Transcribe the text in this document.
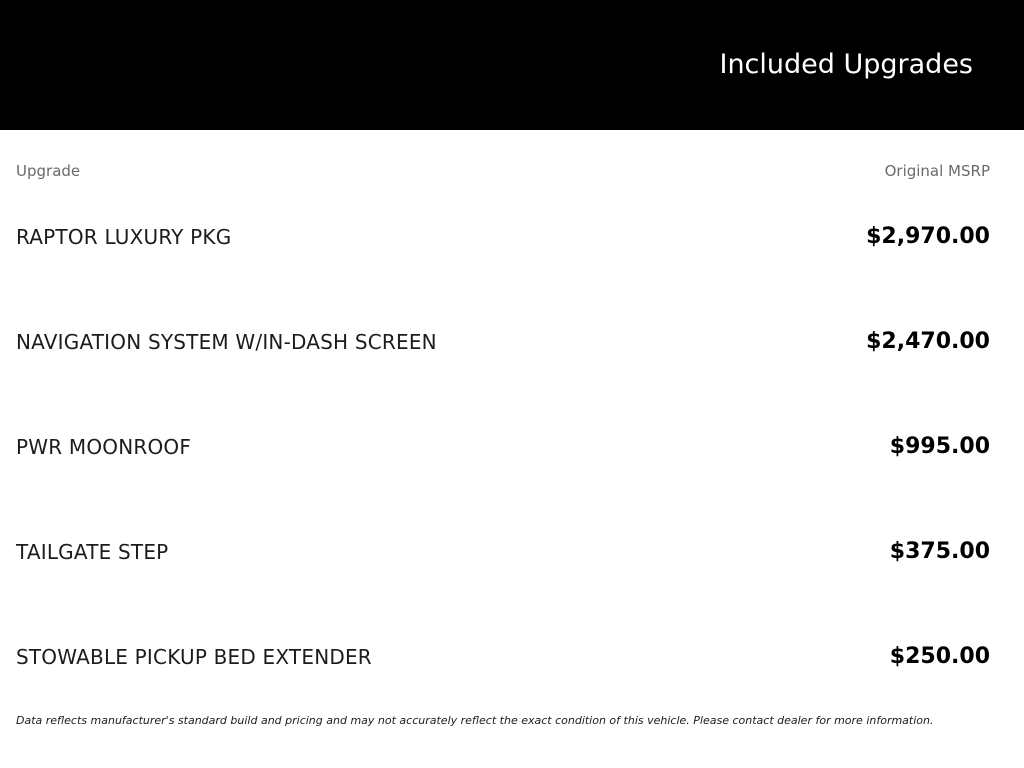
Included Upgrades
Upgrade	Original MSRP
RAPTOR LUXURY PKG	$2,970.00
NAVIGATION SYSTEM W/IN-DASH SCREEN	$2,470.00
PWR MOONROOF	$995.00
TAILGATE STEP	$375.00
STOWABLE PICKUP BED EXTENDER	$250.00
Data reflects manufacturer's standard build and pricing and may not accurately reflect the exact condition of this vehicle. Please contact dealer for more information.
